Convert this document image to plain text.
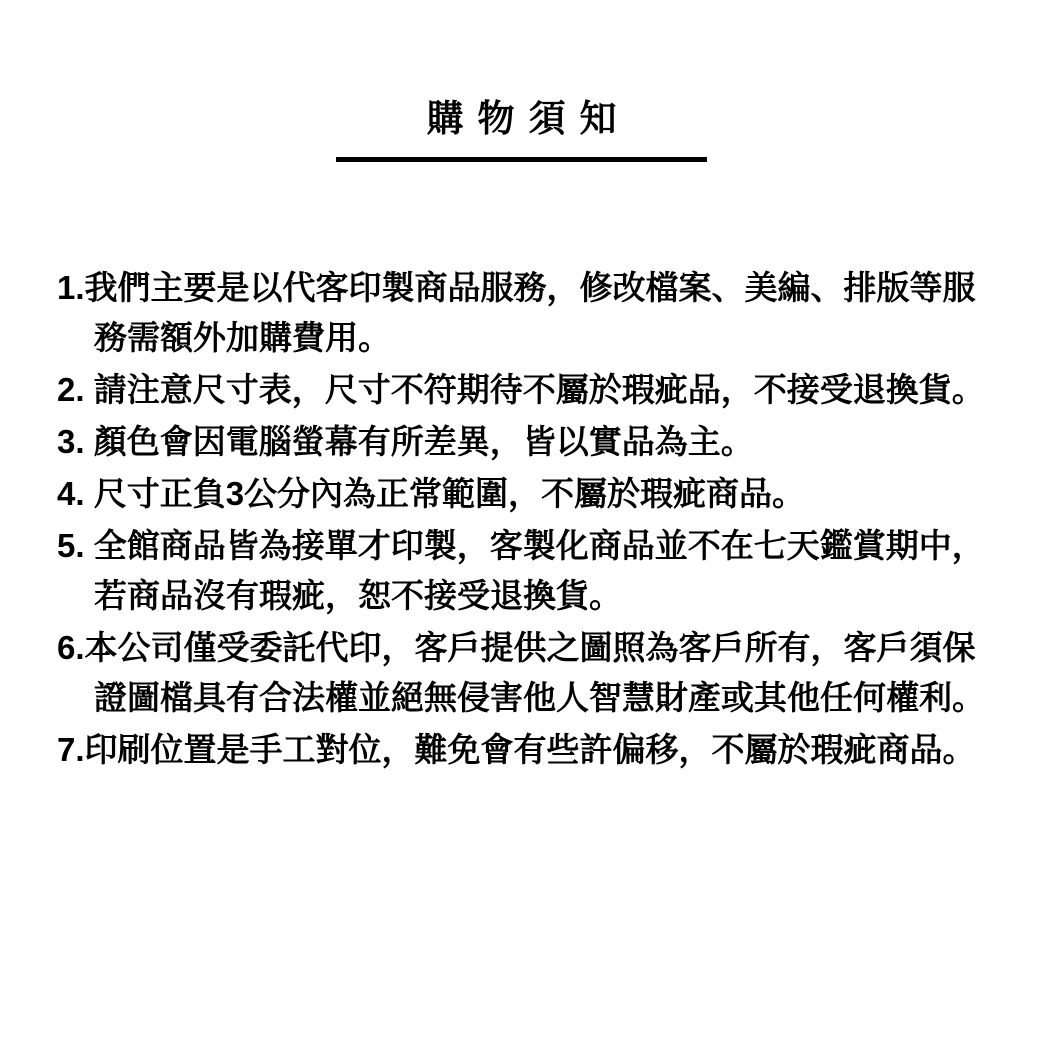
購物須知
1.我們主要是以代客印製商品服務，修改檔案、美編、排版等服
務需額外加購費用。
2. 請注意尺寸表，尺寸不符期待不屬於瑕疵品，不接受退換貨。
3. 顏色會因電腦螢幕有所差異，皆以實品為主。
4. 尺寸正負3公分內為正常範圍，不屬於瑕疵商品。
5. 全館商品皆為接單才印製，客製化商品並不在七天鑑賞期中，
若商品沒有瑕疵，恕不接受退換貨。
6.本公司僅受委託代印，客戶提供之圖照為客戶所有，客戶須保
證圖檔具有合法權並絕無侵害他人智慧財產或其他任何權利。
7.印刷位置是手工對位，難免會有些許偏移，不屬於瑕疵商品。
